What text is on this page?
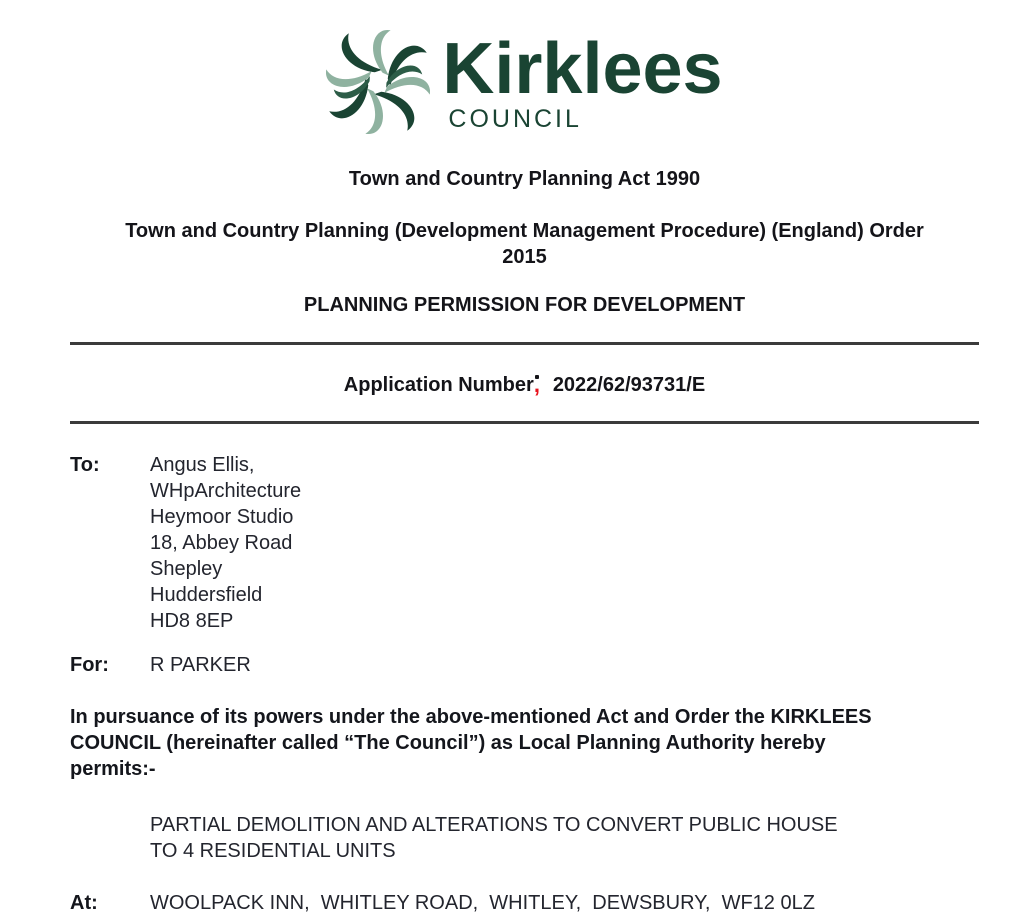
Kirklees
COUNCIL
Town and Country Planning Act 1990
Town and Country Planning (Development Management Procedure) (England) Order
2015
PLANNING PERMISSION FOR DEVELOPMENT
Application Number , 2022/62/93731/E
To:	Angus Ellis,
WHpArchitecture
Heymoor Studio
18, Abbey Road
Shepley
Huddersfield
HD8 8EP
For:	R PARKER
In pursuance of its powers under the above-mentioned Act and Order the KIRKLEES
COUNCIL (hereinafter called “The Council”) as Local Planning Authority hereby
permits:-
PARTIAL DEMOLITION AND ALTERATIONS TO CONVERT PUBLIC HOUSE
TO 4 RESIDENTIAL UNITS
At:	WOOLPACK INN,  WHITLEY ROAD,  WHITLEY,  DEWSBURY,  WF12 0LZ
